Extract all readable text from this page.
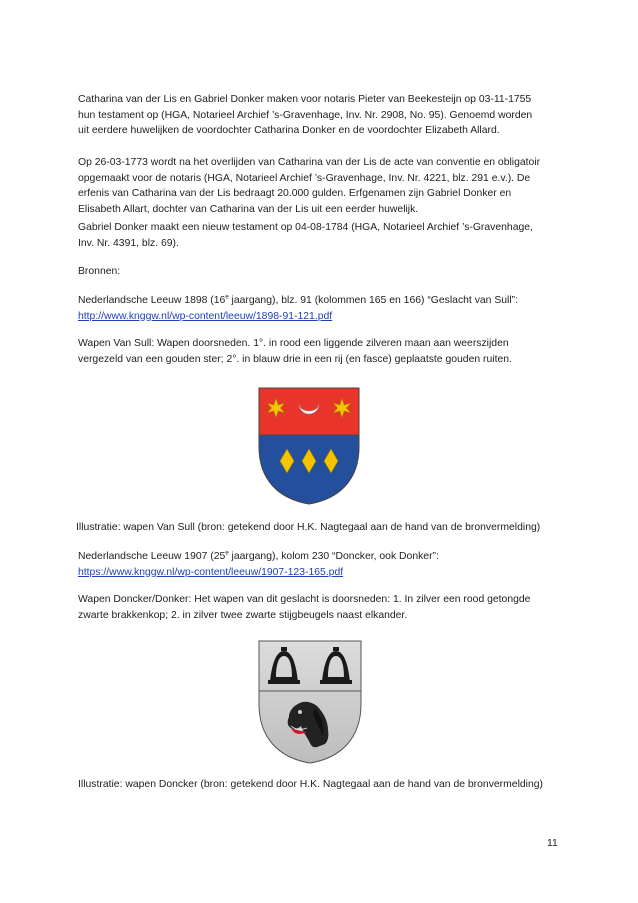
Catharina van der Lis en Gabriel Donker maken voor notaris Pieter van Beekesteijn op 03-11-1755
hun testament op (HGA, Notarieel Archief ’s-Gravenhage, Inv. Nr. 2908, No. 95). Genoemd worden
uit eerdere huwelijken de voordochter Catharina Donker en de voordochter Elizabeth Allard.
Op 26-03-1773 wordt na het overlijden van Catharina van der Lis de acte van conventie en obligatoir
opgemaakt voor de notaris (HGA, Notarieel Archief ’s-Gravenhage, Inv. Nr. 4221, blz. 291 e.v.). De
erfenis van Catharina van der Lis bedraagt 20.000 gulden. Erfgenamen zijn Gabriel Donker en
Elisabeth Allart, dochter van Catharina van der Lis uit een eerder huwelijk.
Gabriel Donker maakt een nieuw testament op 04-08-1784 (HGA, Notarieel Archief ’s-Gravenhage,
Inv. Nr. 4391, blz. 69).
Bronnen:
Nederlandsche Leeuw 1898 (16e jaargang), blz. 91 (kolommen 165 en 166) “Geslacht van Sull”:
http://www.knggw.nl/wp-content/leeuw/1898-91-121.pdf
Wapen Van Sull: Wapen doorsneden. 1°. in rood een liggende zilveren maan aan weerszijden
vergezeld van een gouden ster; 2°. in blauw drie in een rij (en fasce) geplaatste gouden ruiten.
Illustratie: wapen Van Sull (bron: getekend door H.K. Nagtegaal aan de hand van de bronvermelding)
Nederlandsche Leeuw 1907 (25e jaargang), kolom 230 “Doncker, ook Donker”:
https://www.knggw.nl/wp-content/leeuw/1907-123-165.pdf
Wapen Doncker/Donker: Het wapen van dit geslacht is doorsneden: 1. In zilver een rood getongde
zwarte brakkenkop; 2. in zilver twee zwarte stijgbeugels naast elkander.
Illustratie: wapen Doncker (bron: getekend door H.K. Nagtegaal aan de hand van de bronvermelding)
11
